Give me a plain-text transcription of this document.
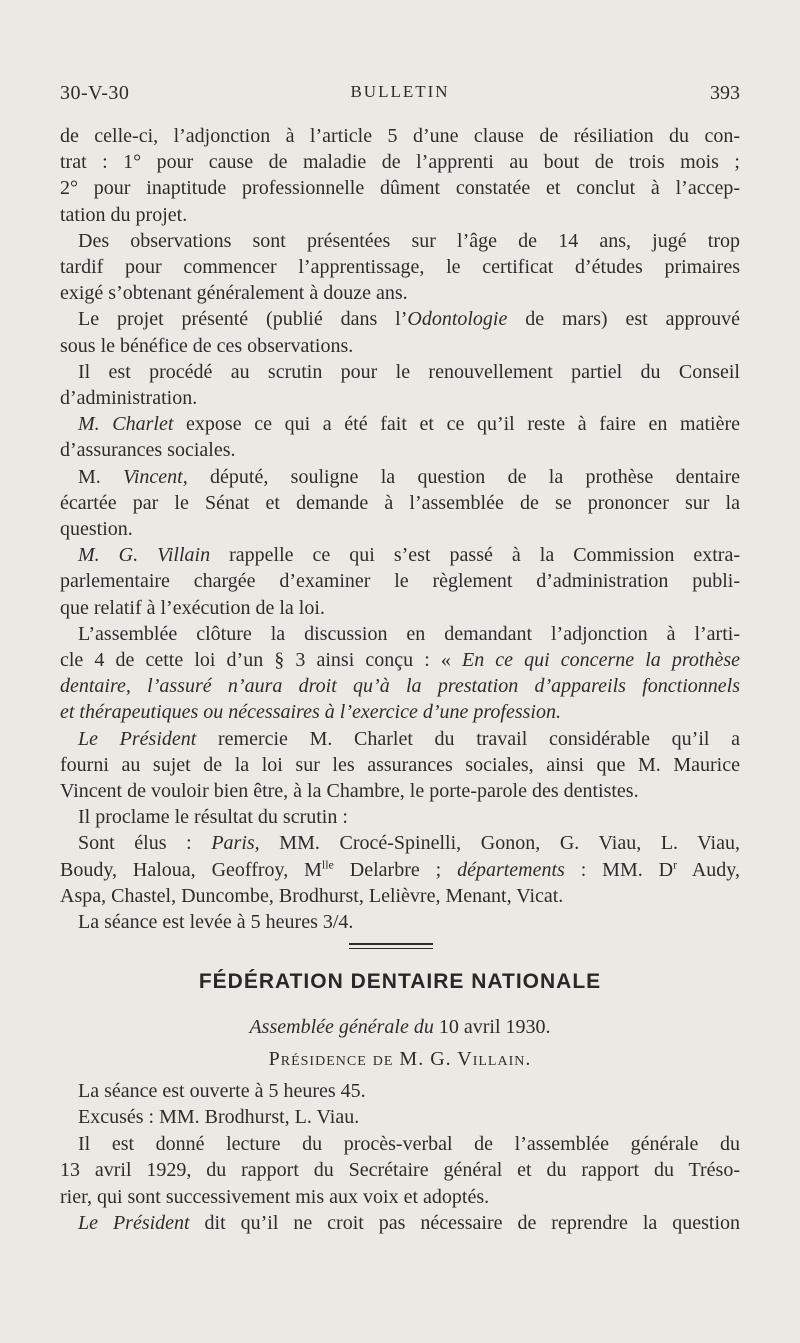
30-V-30	BULLETIN	393
de celle-ci, l’adjonction à l’article 5 d’une clause de résiliation du con-
trat : 1° pour cause de maladie de l’apprenti au bout de trois mois ;
2° pour inaptitude professionnelle dûment constatée et conclut à l’accep-
tation du projet.
Des observations sont présentées sur l’âge de 14 ans, jugé trop
tardif pour commencer l’apprentissage, le certificat d’études primaires
exigé s’obtenant généralement à douze ans.
Le projet présenté (publié dans l’Odontologie de mars) est approuvé
sous le bénéfice de ces observations.
Il est procédé au scrutin pour le renouvellement partiel du Conseil
d’administration.
M. Charlet expose ce qui a été fait et ce qu’il reste à faire en matière
d’assurances sociales.
M. Vincent, député, souligne la question de la prothèse dentaire
écartée par le Sénat et demande à l’assemblée de se prononcer sur la
question.
M. G. Villain rappelle ce qui s’est passé à la Commission extra-
parlementaire chargée d’examiner le règlement d’administration publi-
que relatif à l’exécution de la loi.
L’assemblée clôture la discussion en demandant l’adjonction à l’arti-
cle 4 de cette loi d’un § 3 ainsi conçu : « En ce qui concerne la prothèse
dentaire, l’assuré n’aura droit qu’à la prestation d’appareils fonctionnels
et thérapeutiques ou nécessaires à l’exercice d’une profession.
Le Président remercie M. Charlet du travail considérable qu’il a
fourni au sujet de la loi sur les assurances sociales, ainsi que M. Maurice
Vincent de vouloir bien être, à la Chambre, le porte-parole des dentistes.
Il proclame le résultat du scrutin :
Sont élus : Paris, MM. Crocé-Spinelli, Gonon, G. Viau, L. Viau,
Boudy, Haloua, Geoffroy, $M^{lle}$ Delarbre ; départements : MM. $D^r$ Audy,
Aspa, Chastel, Duncombe, Brodhurst, Lelièvre, Menant, Vicat.
La séance est levée à 5 heures 3/4.
FÉDÉRATION DENTAIRE NATIONALE
Assemblée générale du 10 avril 1930.
Présidence de M. G. Villain.
La séance est ouverte à 5 heures 45.
Excusés : MM. Brodhurst, L. Viau.
Il est donné lecture du procès-verbal de l’assemblée générale du
13 avril 1929, du rapport du Secrétaire général et du rapport du Tréso-
rier, qui sont successivement mis aux voix et adoptés.
Le Président dit qu’il ne croit pas nécessaire de reprendre la question
